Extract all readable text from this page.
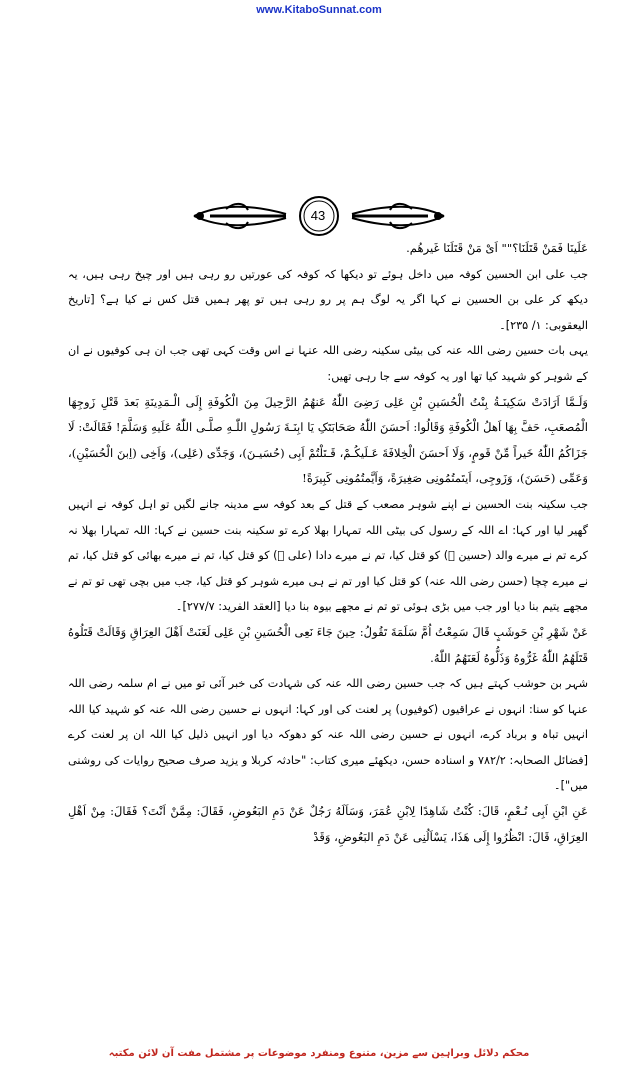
www.KitaboSunnat.com
43

عَلَينَا فَمَنْ قَتَلَنَا؟"" اَیْ مَنْ قَتَلَنَا غَيرهُم.

جب علی ابن الحسین کوفہ میں داخل ہوئے تو دیکھا کہ کوفہ کی عورتیں رو رہی ہیں اور چیخ رہی ہیں، یہ دیکھ کر علی بن الحسین نے کہا اگر یہ لوگ ہم پر رو رہی ہیں تو پھر ہمیں قتل کس نے کیا ہے؟ [تاریخ الیعقوبی: ۱/ ۲۳۵]۔

یہی بات حسین رضی اللہ عنہ کی بیٹی سکینہ رضی اللہ عنہا نے اس وقت کہی تھی جب ان ہی کوفیوں نے ان کے شوہر کو شہید کیا تھا اور یہ کوفہ سے جا رہی تھیں:

وَلَـمَّا اَرَادَتْ سَكِينَـةُ بِنْتُ الْحُسَينِ بْنِ عَلِى رَضِیَ اللّٰهُ عَنهُمُ الرَّحِيلَ مِنَ الْكُوفَةِ إِلَى الْـمَدِينَةِ بَعدَ قَتْلِ زَوجِهَا الْمُصعَبِ، حَفَّ بِهَا اَهلُ الْكُوفَةِ وَقَالُوا: اَحسَنَ اللّٰهُ صَحَابَتَکِ يَا ابِنَـةَ رَسُولِ اللّٰـهِ صلَّـى اللّٰهُ عَلَيهِ وَسَلَّمَ! فَقَالَتْ: لَا جَزَاكُمُ اللّٰهُ خَيراً مِّنْ قَومٍ، وَلَا اَحسَنَ الْخِلافَةَ عَـلَيكُـمْ، قَـتَلْتُمْ اَبِی (حُسَيـنَ)، وَجَدِّى (عَلِی)، وَاَخِی (اِبنَ الْحُسَيْنِ)، وَعَمِّى (حَسَنَ)، وَزَوجِی، اَيتَمتُمُونِی صَغِيرَةً، وَاَيَّمتُمُونِی كَبِيرَةً!

جب سکینہ بنت الحسین نے اپنے شوہر مصعب کے قتل کے بعد کوفہ سے مدینہ جانے لگیں تو اہل کوفہ نے انہیں گھیر لیا اور کہا: اے اللہ کے رسول کی بیٹی اللہ تمہارا بھلا کرے تو سکینہ بنت حسین نے کہا: اللہ تمہارا بھلا نہ کرے تم نے میرے والد (حسین ﷛) کو قتل کیا، تم نے میرے دادا (علی ﷛) کو قتل کیا، تم نے میرے بھائی کو قتل کیا، تم نے میرے چچا (حسن رضی اللہ عنہ) کو قتل کیا اور تم نے ہی میرے شوہر کو قتل کیا، جب میں بچی تھی تو تم نے مجھے یتیم بنا دیا اور جب میں بڑی ہوئی تو تم نے مجھے بیوہ بنا دیا [العقد الفرید: ۲۷۷/۷]۔

عَنْ شَهْرِ بْنِ حَوشَبٍ قَالَ سَمِعْتُ اُمَّ سَلَمَةَ تَقُولُ: حِينَ جَاءَ نَعِى الْحُسَينِ بْنِ عَلِى لَعَنَتْ اَهْلَ العِرَاقِ وَقَالَتْ قَتَلُوهُ قَتَلَهُمُ اللّٰهُ غَرُّوهُ وَذَلُّوهُ لَعَنَهُمُ اللّٰهُ.

شہر بن حوشب کہتے ہیں کہ جب حسین رضی اللہ عنہ کی شہادت کی خبر آئی تو میں نے ام سلمہ رضی اللہ عنہا کو سنا: انہوں نے عراقیوں (کوفیوں) پر لعنت کی اور کہا: انہوں نے حسین رضی اللہ عنہ کو شہید کیا اللہ انہیں تباہ و برباد کرے، انہوں نے حسین رضی اللہ عنہ کو دھوکہ دیا اور انہیں ذلیل کیا اللہ ان پر لعنت کرے [فضائل الصحابہ: ۷۸۲/۲ و اسنادہ حسن، دیکھئے میری کتاب: "حادثہ کربلا و یزید صرف صحیح روایات کی روشنی میں"]۔

عَنِ ابْنِ اَبِی نُـعْمٍ، قَالَ: كُنْتُ شَاهِدًا لِابْنِ عُمَرَ، وَسَاَلَهُ رَجُلٌ عَنْ دَمِ البَعُوضِ، فَقَالَ: مِمَّنْ اَنْتَ؟ فَقَالَ: مِنْ اَهْلِ العِرَاقِ، قَالَ: انْظُرُوا إِلَى هَذَا، يَسْاَلُنِی عَنْ دَمِ البَعُوضِ، وَقَدْ

محکم دلائل وبراہین سے مزین، متنوع ومنفرد موضوعات پر مشتمل مفت آن لائن مکتبہ
